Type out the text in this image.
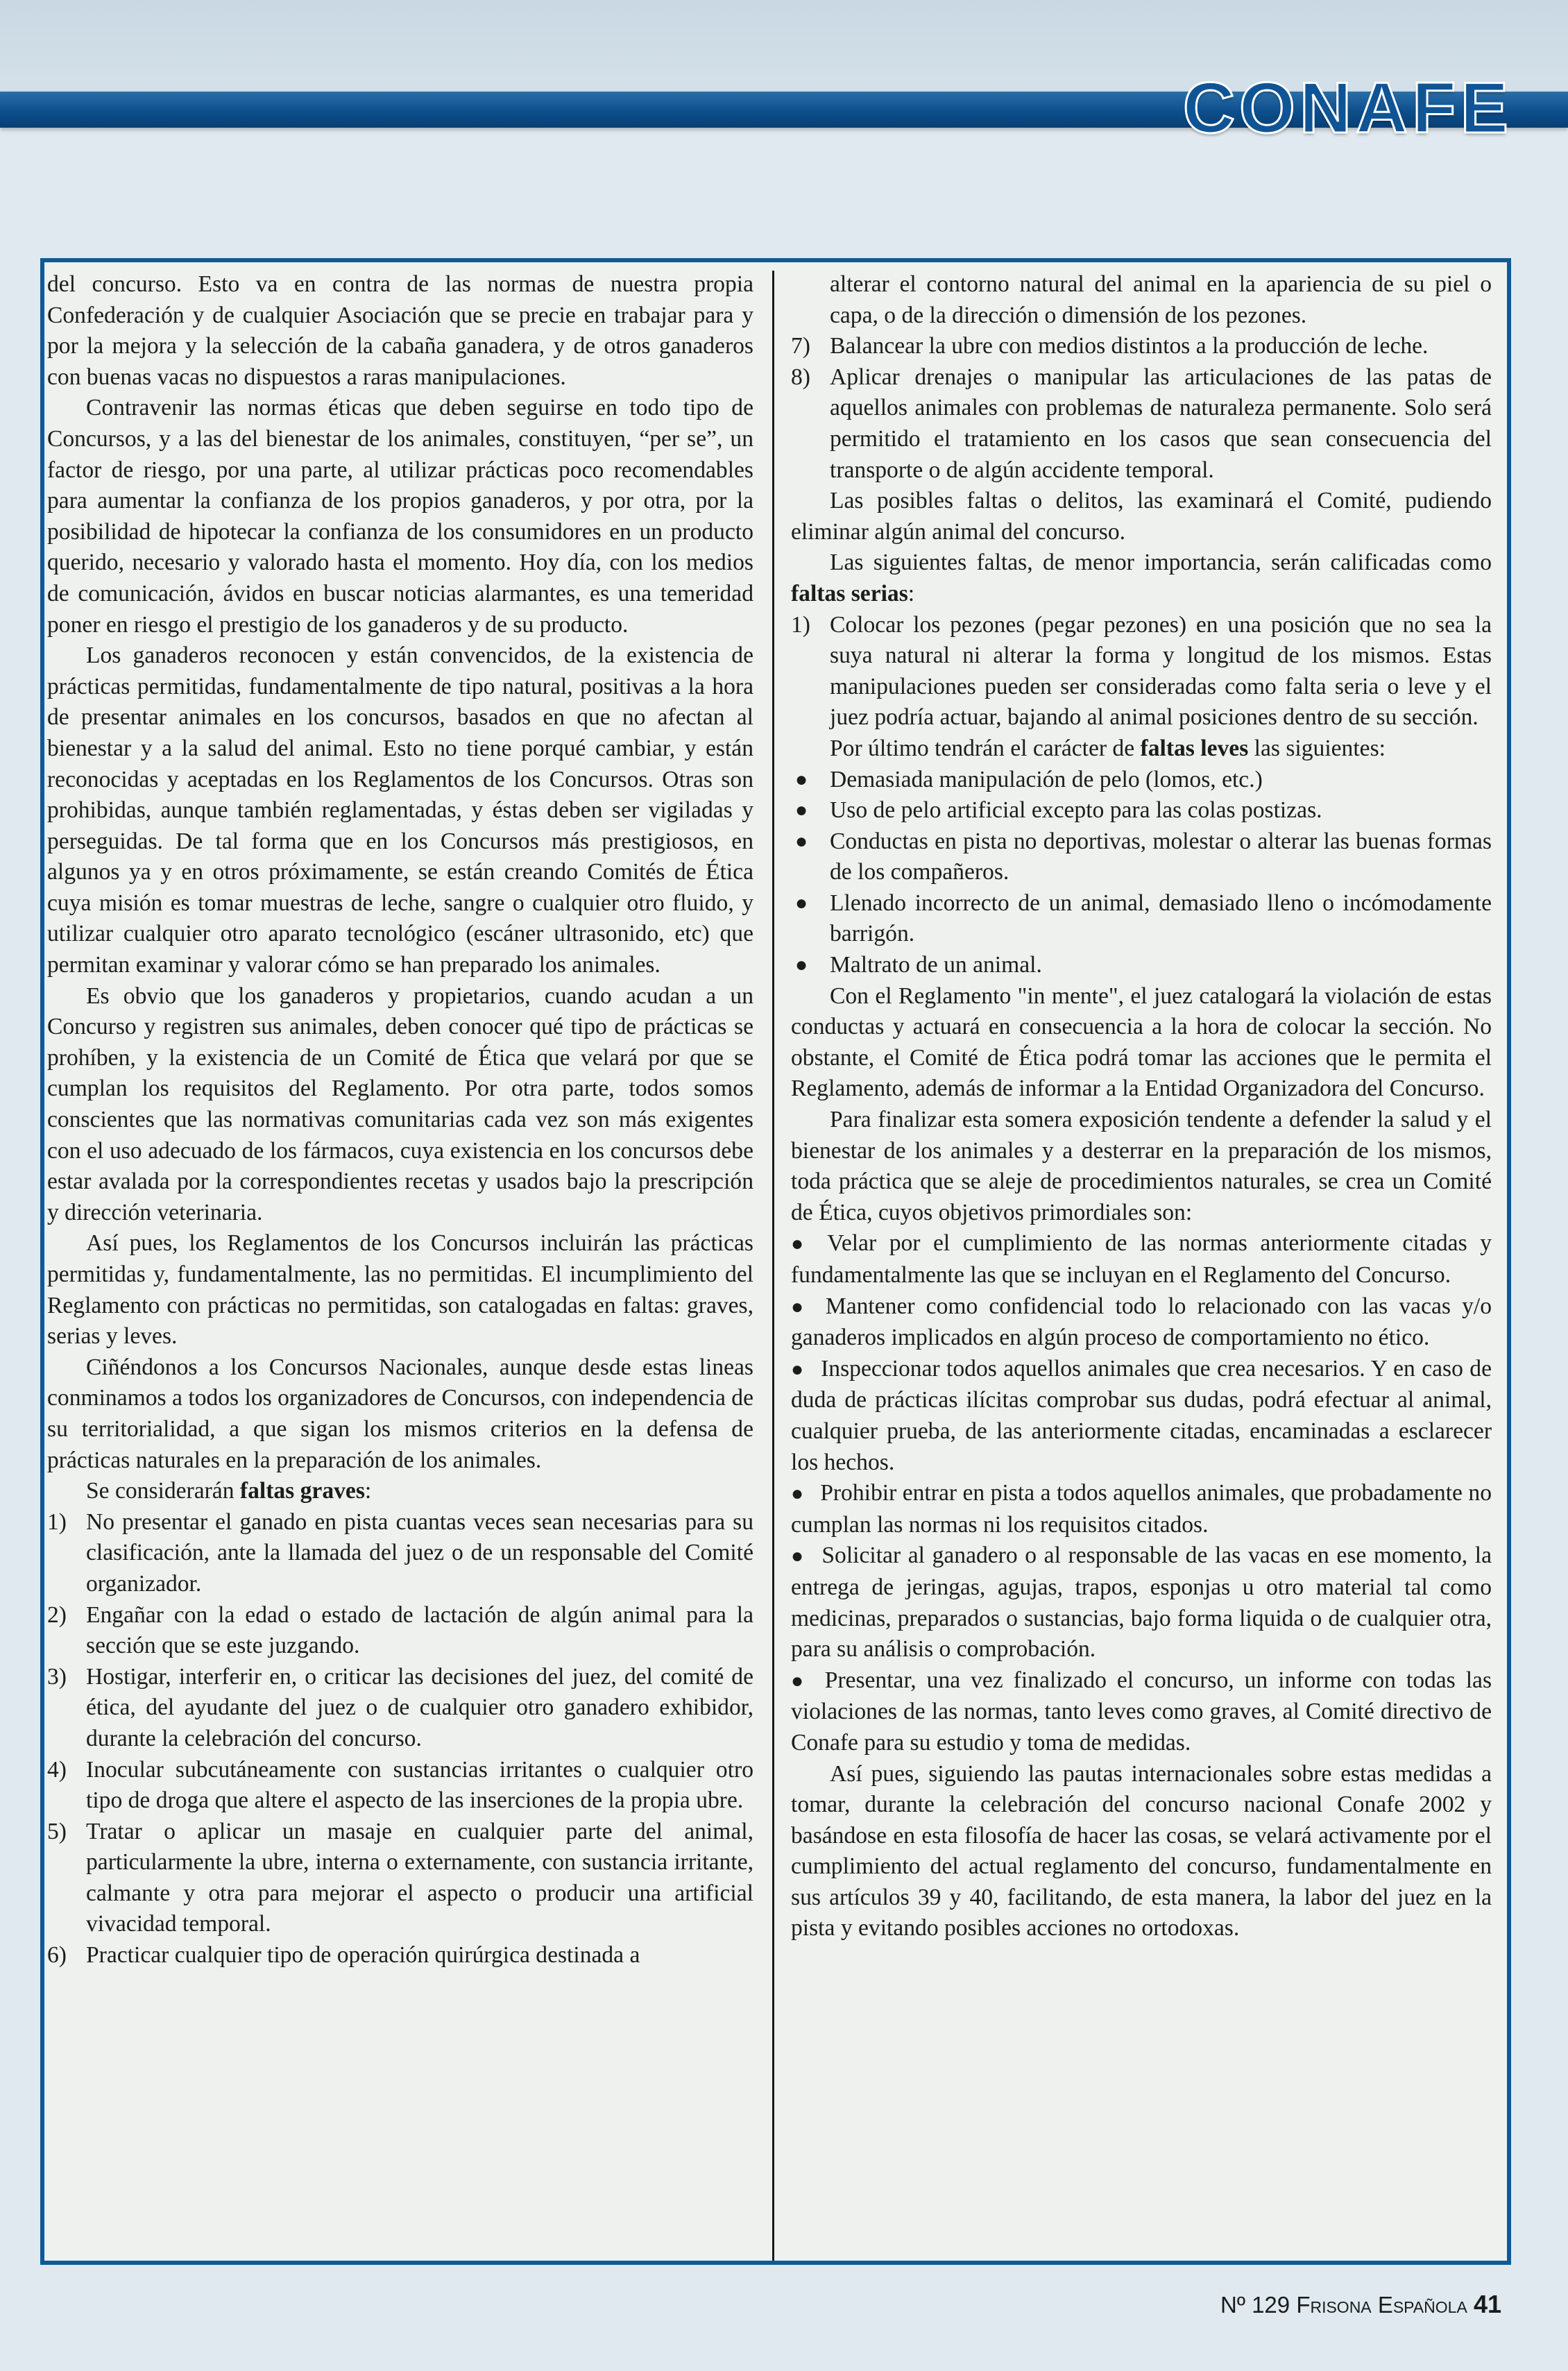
CONAFE

del concurso. Esto va en contra de las normas de nuestra propia Confederación y de cualquier Asociación que se precie en trabajar para y por la mejora y la selección de la cabaña ganadera, y de otros ganaderos con buenas vacas no dispuestos a raras manipulaciones.

Contravenir las normas éticas que deben seguirse en todo tipo de Concursos, y a las del bienestar de los animales, constituyen, “per se”, un factor de riesgo, por una parte, al utilizar prácticas poco recomendables para aumentar la confianza de los propios ganaderos, y por otra, por la posibilidad de hipotecar la confianza de los consumidores en un producto querido, necesario y valorado hasta el momento. Hoy día, con los medios de comunicación, ávidos en buscar noticias alarmantes, es una temeridad poner en riesgo el prestigio de los ganaderos y de su producto.

Los ganaderos reconocen y están convencidos, de la existencia de prácticas permitidas, fundamentalmente de tipo natural, positivas a la hora de presentar animales en los concursos, basados en que no afectan al bienestar y a la salud del animal. Esto no tiene porqué cambiar, y están reconocidas y aceptadas en los Reglamentos de los Concursos. Otras son prohibidas, aunque también reglamentadas, y éstas deben ser vigiladas y perseguidas. De tal forma que en los Concursos más prestigiosos, en algunos ya y en otros próximamente, se están creando Comités de Ética cuya misión es tomar muestras de leche, sangre o cualquier otro fluido, y utilizar cualquier otro aparato tecnológico (escáner ultrasonido, etc) que permitan examinar y valorar cómo se han preparado los animales.

Es obvio que los ganaderos y propietarios, cuando acudan a un Concurso y registren sus animales, deben conocer qué tipo de prácticas se prohíben, y la existencia de un Comité de Ética que velará por que se cumplan los requisitos del Reglamento. Por otra parte, todos somos conscientes que las normativas comunitarias cada vez son más exigentes con el uso adecuado de los fármacos, cuya existencia en los concursos debe estar avalada por la correspondientes recetas y usados bajo la prescripción y dirección veterinaria.

Así pues, los Reglamentos de los Concursos incluirán las prácticas permitidas y, fundamentalmente, las no permitidas. El incumplimiento del Reglamento con prácticas no permitidas, son catalogadas en faltas: graves, serias y leves.

Ciñéndonos a los Concursos Nacionales, aunque desde estas lineas conminamos a todos los organizadores de Concursos, con independencia de su territorialidad, a que sigan los mismos criterios en la defensa de prácticas naturales en la preparación de los animales.

Se considerarán faltas graves:

1) No presentar el ganado en pista cuantas veces sean necesarias para su clasificación, ante la llamada del juez o de un responsable del Comité organizador.

2) Engañar con la edad o estado de lactación de algún animal para la sección que se este juzgando.

3) Hostigar, interferir en, o criticar las decisiones del juez, del comité de ética, del ayudante del juez o de cualquier otro ganadero exhibidor, durante la celebración del concurso.

4) Inocular subcutáneamente con sustancias irritantes o cualquier otro tipo de droga que altere el aspecto de las inserciones de la propia ubre.

5) Tratar o aplicar un masaje en cualquier parte del animal, particularmente la ubre, interna o externamente, con sustancia irritante, calmante y otra para mejorar el aspecto o producir una artificial vivacidad temporal.

6) Practicar cualquier tipo de operación quirúrgica destinada a

alterar el contorno natural del animal en la apariencia de su piel o capa, o de la dirección o dimensión de los pezones.

7) Balancear la ubre con medios distintos a la producción de leche.

8) Aplicar drenajes o manipular las articulaciones de las patas de aquellos animales con problemas de naturaleza permanente. Solo será permitido el tratamiento en los casos que sean consecuencia del transporte o de algún accidente temporal.

Las posibles faltas o delitos, las examinará el Comité, pudiendo eliminar algún animal del concurso.

Las siguientes faltas, de menor importancia, serán calificadas como faltas serias:

1) Colocar los pezones (pegar pezones) en una posición que no sea la suya natural ni alterar la forma y longitud de los mismos. Estas manipulaciones pueden ser consideradas como falta seria o leve y el juez podría actuar, bajando al animal posiciones dentro de su sección.

Por último tendrán el carácter de faltas leves las siguientes:

● Demasiada manipulación de pelo (lomos, etc.)

● Uso de pelo artificial excepto para las colas postizas.

● Conductas en pista no deportivas, molestar o alterar las buenas formas de los compañeros.

● Llenado incorrecto de un animal, demasiado lleno o incómodamente barrigón.

● Maltrato de un animal.

Con el Reglamento "in mente", el juez catalogará la violación de estas conductas y actuará en consecuencia a la hora de colocar la sección. No obstante, el Comité de Ética podrá tomar las acciones que le permita el Reglamento, además de informar a la Entidad Organizadora del Concurso.

Para finalizar esta somera exposición tendente a defender la salud y el bienestar de los animales y a desterrar en la preparación de los mismos, toda práctica que se aleje de procedimientos naturales, se crea un Comité de Ética, cuyos objetivos primordiales son:

● Velar por el cumplimiento de las normas anteriormente citadas y fundamentalmente las que se incluyan en el Reglamento del Concurso.

● Mantener como confidencial todo lo relacionado con las vacas y/o ganaderos implicados en algún proceso de comportamiento no ético.

● Inspeccionar todos aquellos animales que crea necesarios. Y en caso de duda de prácticas ilícitas comprobar sus dudas, podrá efectuar al animal, cualquier prueba, de las anteriormente citadas, encaminadas a esclarecer los hechos.

● Prohibir entrar en pista a todos aquellos animales, que probadamente no cumplan las normas ni los requisitos citados.

● Solicitar al ganadero o al responsable de las vacas en ese momento, la entrega de jeringas, agujas, trapos, esponjas u otro material tal como medicinas, preparados o sustancias, bajo forma liquida o de cualquier otra, para su análisis o comprobación.

● Presentar, una vez finalizado el concurso, un informe con todas las violaciones de las normas, tanto leves como graves, al Comité directivo de Conafe para su estudio y toma de medidas.

Así pues, siguiendo las pautas internacionales sobre estas medidas a tomar, durante la celebración del concurso nacional Conafe 2002 y basándose en esta filosofía de hacer las cosas, se velará activamente por el cumplimiento del actual reglamento del concurso, fundamentalmente en sus artículos 39 y 40, facilitando, de esta manera, la labor del juez en la pista y evitando posibles acciones no ortodoxas.

Nº 129 Frisona Española 41
